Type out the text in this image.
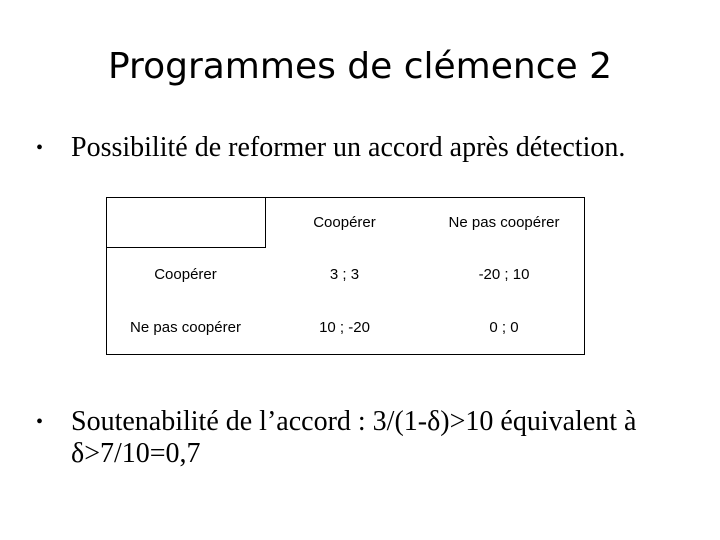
Programmes de clémence 2
• Possibilité de reformer un accord après détection.
	Coopérer	Ne pas coopérer
Coopérer	3 ; 3	-20 ; 10
Ne pas coopérer	10 ; -20	0 ; 0
• Soutenabilité de l’accord : 3/(1-δ)>10 équivalent à δ>7/10=0,7
